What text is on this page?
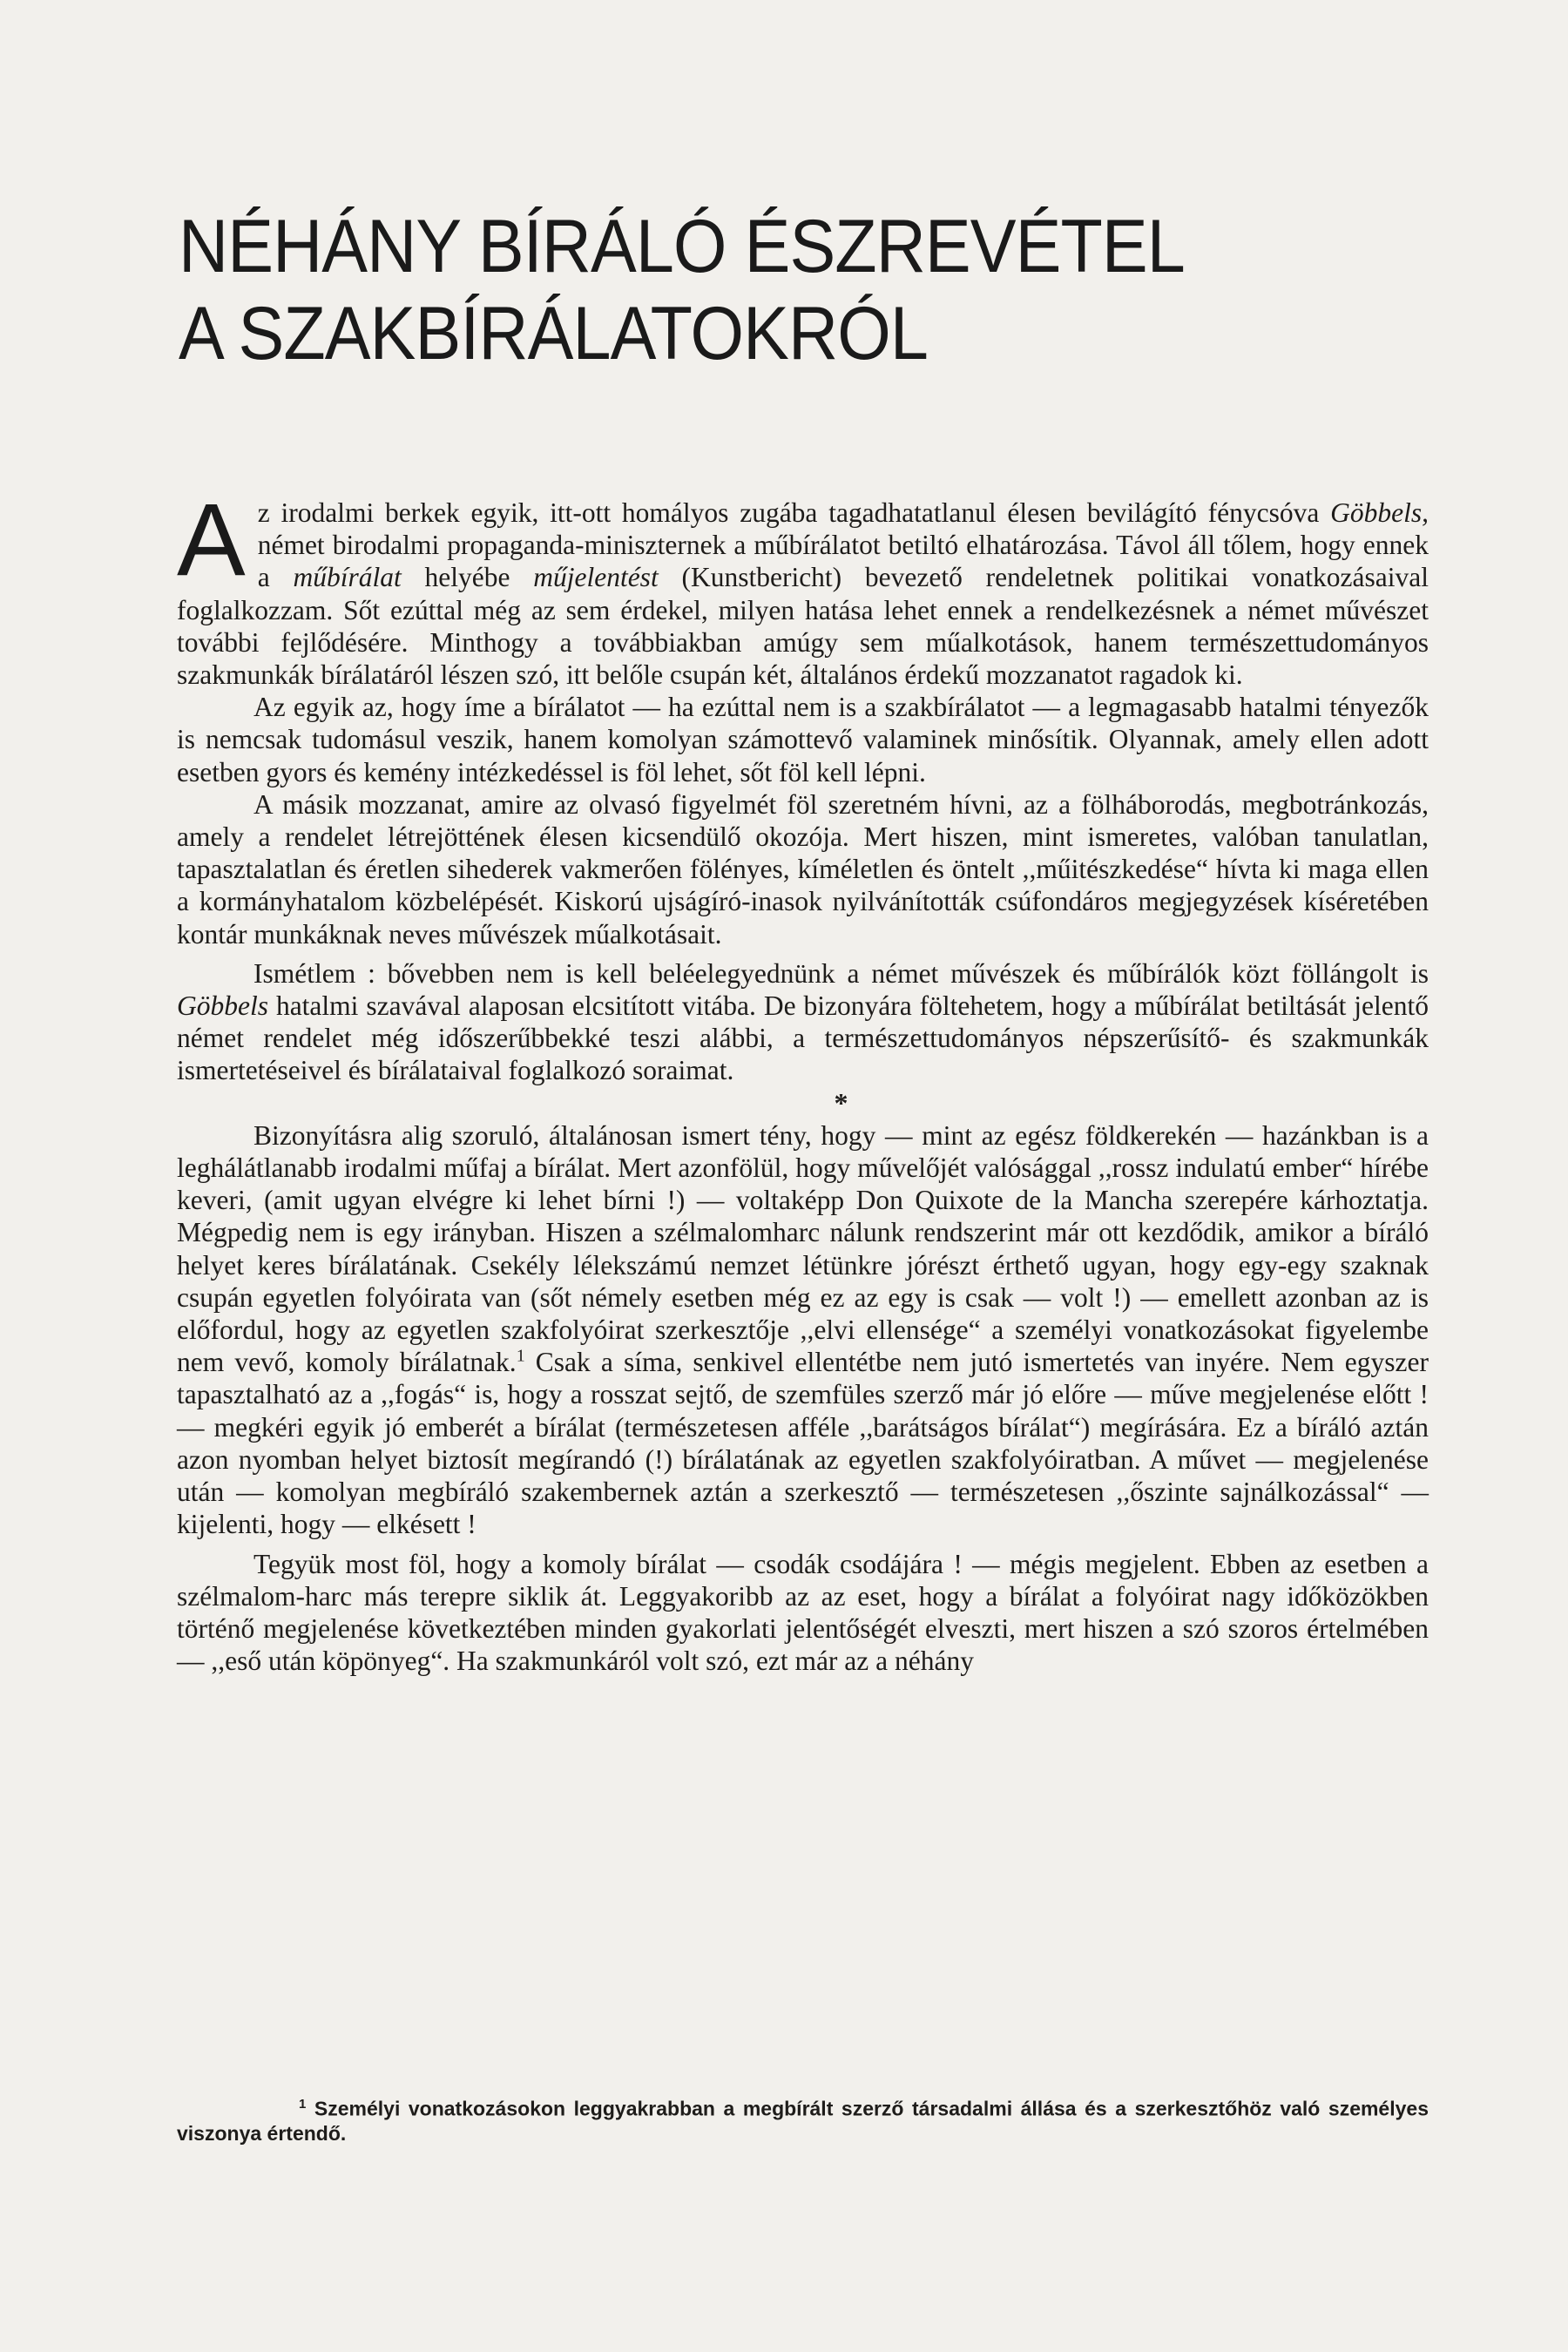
NÉHÁNY BÍRÁLÓ ÉSZREVÉTEL
A SZAKBÍRÁLATOKRÓL

Az irodalmi berkek egyik, itt-ott homályos zugába tagadhatatlanul élesen bevilágító fénycsóva Göbbels, német birodalmi propaganda-miniszternek a műbírálatot betiltó elhatározása. Távol áll tőlem, hogy ennek a műbírálat helyébe műjelentést (Kunstbericht) bevezető rendeletnek politikai vonatkozásaival foglalkozzam. Sőt ezúttal még az sem érdekel, milyen hatása lehet ennek a rendelkezésnek a német művészet további fejlődésére. Minthogy a továbbiakban amúgy sem műalkotások, hanem természettudományos szakmunkák bírálatáról lészen szó, itt belőle csupán két, általános érdekű mozzanatot ragadok ki.

Az egyik az, hogy íme a bírálatot — ha ezúttal nem is a szakbírálatot — a legmagasabb hatalmi tényezők is nemcsak tudomásul veszik, hanem komolyan számottevő valaminek minősítik. Olyannak, amely ellen adott esetben gyors és kemény intézkedéssel is föl lehet, sőt föl kell lépni.

A másik mozzanat, amire az olvasó figyelmét föl szeretném hívni, az a fölháborodás, megbotránkozás, amely a rendelet létrejöttének élesen kicsendülő okozója. Mert hiszen, mint ismeretes, valóban tanulatlan, tapasztalatlan és éretlen sihederek vakmerően fölényes, kíméletlen és öntelt ,,műitészkedése“ hívta ki maga ellen a kormányhatalom közbelépését. Kiskorú ujságíró-inasok nyilvánították csúfondáros megjegyzések kíséretében kontár munkáknak neves művészek műalkotásait.

Ismétlem : bővebben nem is kell beléelegyednünk a német művészek és műbírálók közt föllángolt is Göbbels hatalmi szavával alaposan elcsitított vitába. De bizonyára föltehetem, hogy a műbírálat betiltását jelentő német rendelet még időszerűbbekké teszi alábbi, a természettudományos népszerűsítő- és szakmunkák ismertetéseivel és bírálataival foglalkozó soraimat.

*

Bizonyításra alig szoruló, általánosan ismert tény, hogy — mint az egész földkerekén — hazánkban is a leghálátlanabb irodalmi műfaj a bírálat. Mert azonfölül, hogy művelőjét valósággal ,,rossz indulatú ember“ hírébe keveri, (amit ugyan elvégre ki lehet bírni !) — voltaképp Don Quixote de la Mancha szerepére kárhoztatja. Mégpedig nem is egy irányban. Hiszen a szélmalomharc nálunk rendszerint már ott kezdődik, amikor a bíráló helyet keres bírálatának. Csekély lélekszámú nemzet létünkre jórészt érthető ugyan, hogy egy-egy szaknak csupán egyetlen folyóirata van (sőt némely esetben még ez az egy is csak — volt !) — emellett azonban az is előfordul, hogy az egyetlen szakfolyóirat szerkesztője ,,elvi ellensége“ a személyi vonatkozásokat figyelembe nem vevő, komoly bírálatnak.$^1$ Csak a síma, senkivel ellentétbe nem jutó ismertetés van inyére. Nem egyszer tapasztalható az a ,,fogás“ is, hogy a rosszat sejtő, de szemfüles szerző már jó előre — műve megjelenése előtt ! — megkéri egyik jó emberét a bírálat (természetesen afféle ,,barátságos bírálat“) megírására. Ez a bíráló aztán azon nyomban helyet biztosít megírandó (!) bírálatának az egyetlen szakfolyóiratban. A művet — megjelenése után — komolyan megbíráló szakembernek aztán a szerkesztő — természetesen ,,őszinte sajnálkozással“ — kijelenti, hogy — elkésett !

Tegyük most föl, hogy a komoly bírálat — csodák csodájára ! — mégis megjelent. Ebben az esetben a szélmalom-harc más terepre siklik át. Leggyakoribb az az eset, hogy a bírálat a folyóirat nagy időközökben történő megjelenése következtében minden gyakorlati jelentőségét elveszti, mert hiszen a szó szoros értelmében — ,,eső után köpönyeg“. Ha szakmunkáról volt szó, ezt már az a néhány

$^1$ Személyi vonatkozásokon leggyakrabban a megbírált szerző társadalmi állása és a szerkesztőhöz való személyes viszonya értendő.
